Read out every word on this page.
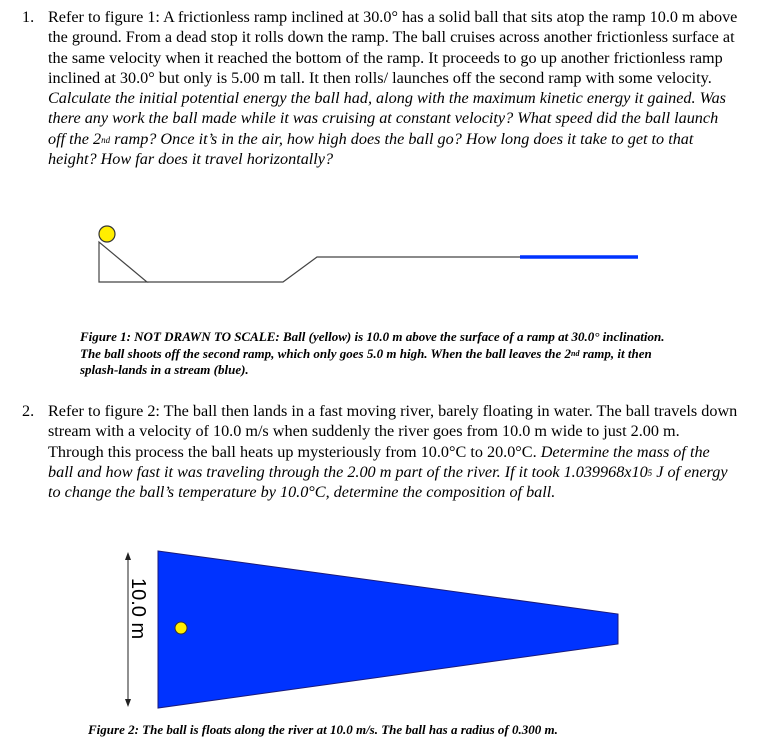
1. Refer to figure 1: A frictionless ramp inclined at 30.0° has a solid ball that sits atop the ramp 10.0 m above the ground. From a dead stop it rolls down the ramp. The ball cruises across another frictionless surface at the same velocity when it reached the bottom of the ramp. It proceeds to go up another frictionless ramp inclined at 30.0° but only is 5.00 m tall. It then rolls/ launches off the second ramp with some velocity. Calculate the initial potential energy the ball had, along with the maximum kinetic energy it gained. Was there any work the ball made while it was cruising at constant velocity? What speed did the ball launch off the 2nd ramp? Once it’s in the air, how high does the ball go? How long does it take to get to that height? How far does it travel horizontally?
Figure 1: NOT DRAWN TO SCALE: Ball (yellow) is 10.0 m above the surface of a ramp at 30.0° inclination. The ball shoots off the second ramp, which only goes 5.0 m high. When the ball leaves the 2nd ramp, it then splash-lands in a stream (blue).
2. Refer to figure 2: The ball then lands in a fast moving river, barely floating in water. The ball travels down stream with a velocity of 10.0 m/s when suddenly the river goes from 10.0 m wide to just 2.00 m. Through this process the ball heats up mysteriously from 10.0°C to 20.0°C. Determine the mass of the ball and how fast it was traveling through the 2.00 m part of the river. If it took $1.039968x10^5$ J of energy to change the ball’s temperature by 10.0°C, determine the composition of ball.
10.0 m
Figure 2: The ball is floats along the river at 10.0 m/s. The ball has a radius of 0.300 m.
